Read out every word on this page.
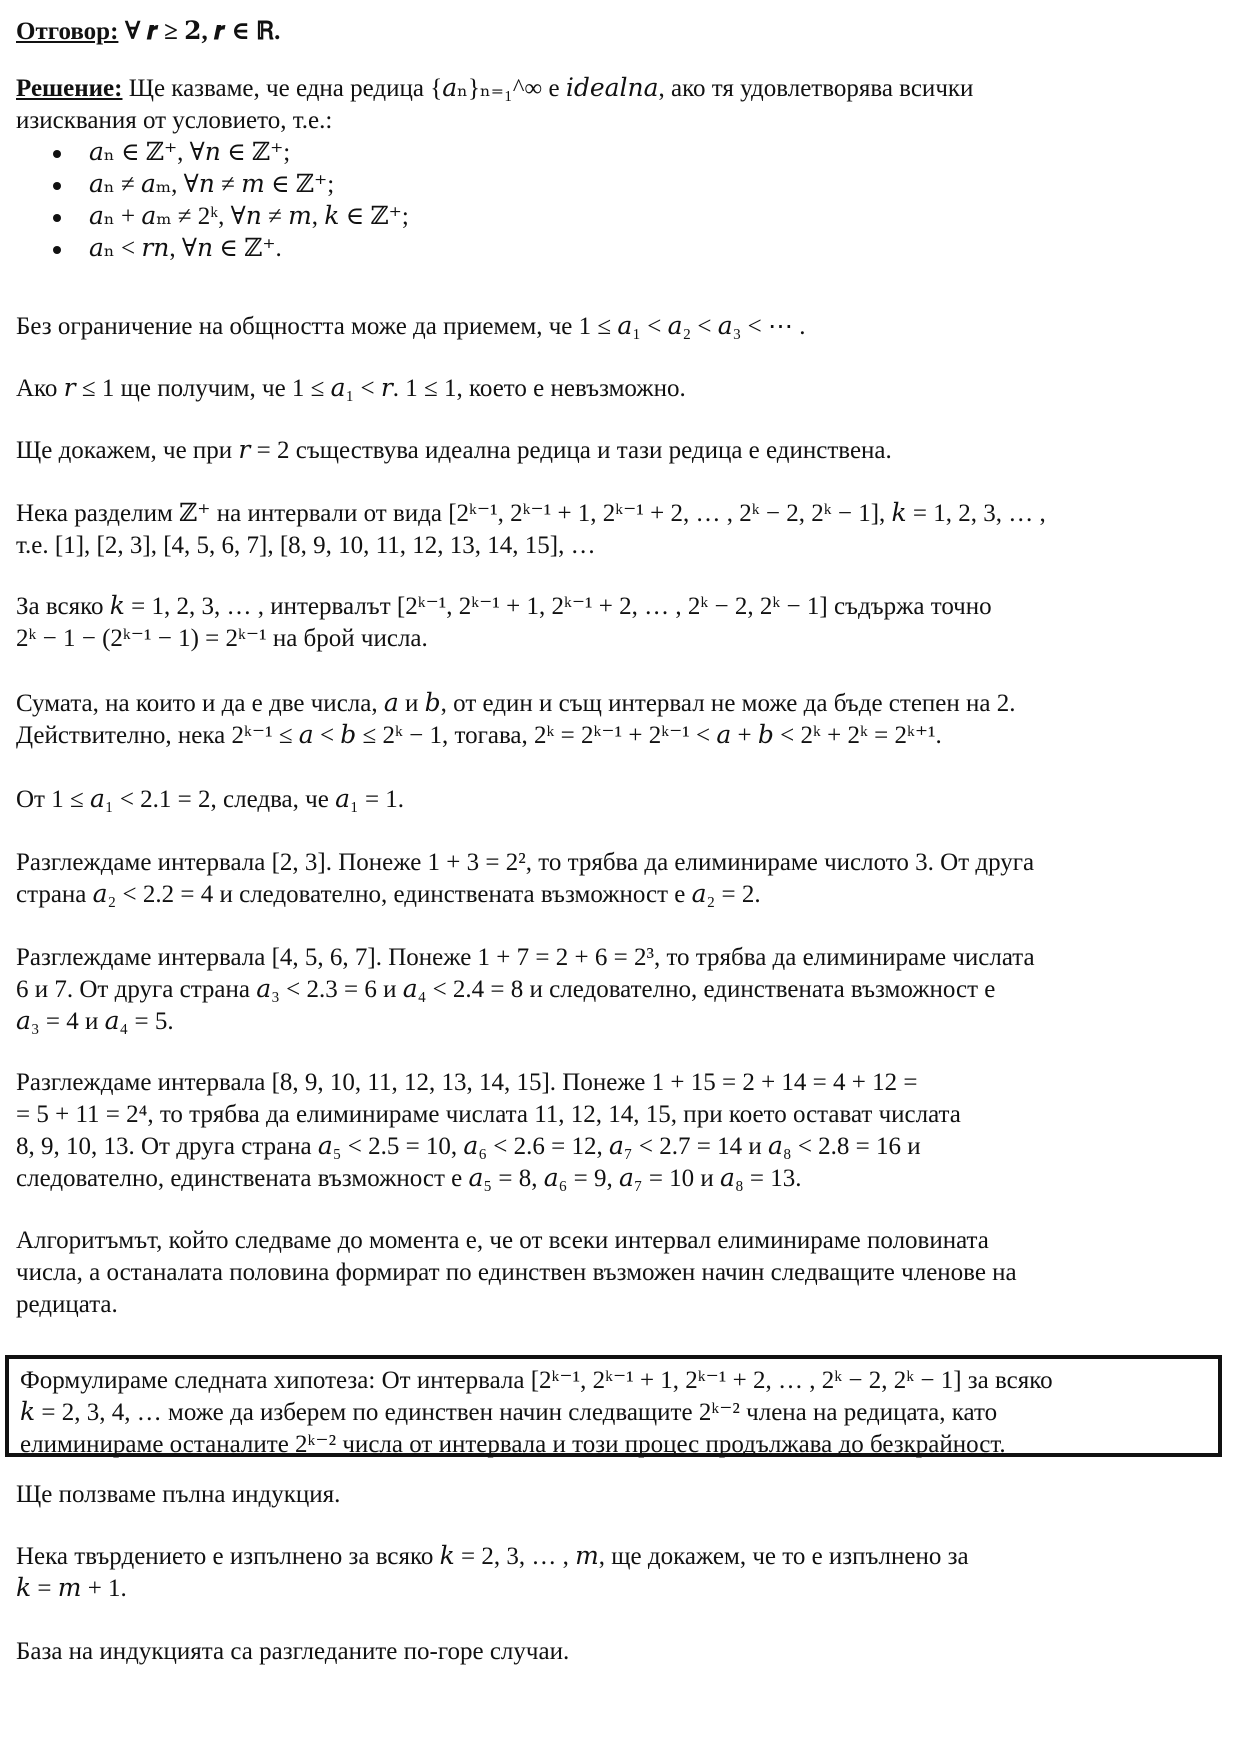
Отговор: ∀ 𝒓 ≥ 𝟐, 𝒓 ∈ ℝ.

Решение: Ще казваме, че една редица {𝑎ₙ}ₙ₌₁^∞ е 𝑖𝑑𝑒𝑎𝑙𝑛𝑎, ако тя удовлетворява всички
изисквания от условието, т.е.:
𝑎ₙ ∈ ℤ⁺, ∀𝑛 ∈ ℤ⁺;
𝑎ₙ ≠ 𝑎ₘ, ∀𝑛 ≠ 𝑚 ∈ ℤ⁺;
𝑎ₙ + 𝑎ₘ ≠ 2ᵏ, ∀𝑛 ≠ 𝑚, 𝑘 ∈ ℤ⁺;
𝑎ₙ < 𝑟𝑛, ∀𝑛 ∈ ℤ⁺.

Без ограничение на общността може да приемем, че 1 ≤ 𝑎₁ < 𝑎₂ < 𝑎₃ < ⋯ .

Ако 𝑟 ≤ 1 ще получим, че 1 ≤ 𝑎₁ < 𝑟. 1 ≤ 1, което е невъзможно.

Ще докажем, че при 𝑟 = 2 съществува идеална редица и тази редица е единствена.

Нека разделим ℤ⁺ на интервали от вида [2ᵏ⁻¹, 2ᵏ⁻¹ + 1, 2ᵏ⁻¹ + 2, … , 2ᵏ − 2, 2ᵏ − 1], 𝑘 = 1, 2, 3, … ,
т.е. [1], [2, 3], [4, 5, 6, 7], [8, 9, 10, 11, 12, 13, 14, 15], …
За всяко 𝑘 = 1, 2, 3, … , интервалът [2ᵏ⁻¹, 2ᵏ⁻¹ + 1, 2ᵏ⁻¹ + 2, … , 2ᵏ − 2, 2ᵏ − 1] съдържа точно
2ᵏ − 1 − (2ᵏ⁻¹ − 1) = 2ᵏ⁻¹ на брой числа.
Сумата, на които и да е две числа, 𝑎 и 𝑏, от един и същ интервал не може да бъде степен на 2.
Действително, нека 2ᵏ⁻¹ ≤ 𝑎 < 𝑏 ≤ 2ᵏ − 1, тогава, 2ᵏ = 2ᵏ⁻¹ + 2ᵏ⁻¹ < 𝑎 + 𝑏 < 2ᵏ + 2ᵏ = 2ᵏ⁺¹.

От 1 ≤ 𝑎₁ < 2.1 = 2, следва, че 𝑎₁ = 1.

Разглеждаме интервала [2, 3]. Понеже 1 + 3 = 2², то трябва да елиминираме числото 3. От друга
страна 𝑎₂ < 2.2 = 4 и следователно, единствената възможност е 𝑎₂ = 2.
Разглеждаме интервала [4, 5, 6, 7]. Понеже 1 + 7 = 2 + 6 = 2³, то трябва да елиминираме числата
6 и 7. От друга страна 𝑎₃ < 2.3 = 6 и 𝑎₄ < 2.4 = 8 и следователно, единствената възможност е
𝑎₃ = 4 и 𝑎₄ = 5.
Разглеждаме интервала [8, 9, 10, 11, 12, 13, 14, 15]. Понеже 1 + 15 = 2 + 14 = 4 + 12 =
= 5 + 11 = 2⁴, то трябва да елиминираме числата 11, 12, 14, 15, при което остават числата
8, 9, 10, 13. От друга страна 𝑎₅ < 2.5 = 10, 𝑎₆ < 2.6 = 12, 𝑎₇ < 2.7 = 14 и 𝑎₈ < 2.8 = 16 и
следователно, единствената възможност е 𝑎₅ = 8, 𝑎₆ = 9, 𝑎₇ = 10 и 𝑎₈ = 13.
Алгоритъмът, който следваме до момента е, че от всеки интервал елиминираме половината
числа, а останалата половина формират по единствен възможен начин следващите членове на
редицата.
Формулираме следната хипотеза: От интервала [2ᵏ⁻¹, 2ᵏ⁻¹ + 1, 2ᵏ⁻¹ + 2, … , 2ᵏ − 2, 2ᵏ − 1] за всяко
𝑘 = 2, 3, 4, … може да изберем по единствен начин следващите 2ᵏ⁻² члена на редицата, като
елиминираме останалите 2ᵏ⁻² числа от интервала и този процес продължава до безкрайност.

Ще ползваме пълна индукция.

Нека твърдението е изпълнено за всяко 𝑘 = 2, 3, … , 𝑚, ще докажем, че то е изпълнено за
𝑘 = 𝑚 + 1.

База на индукцията са разгледаните по-горе случаи.
